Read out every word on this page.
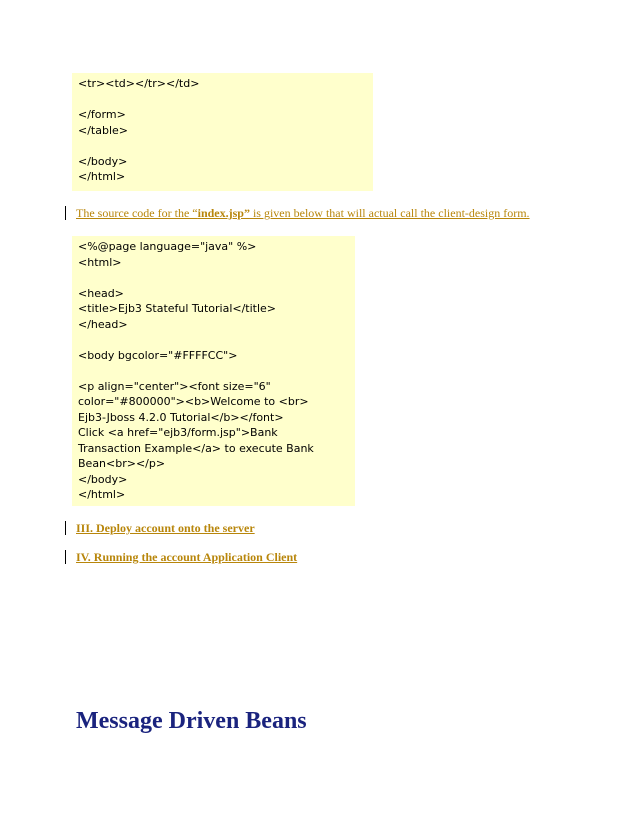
<tr><td></tr></td>
</form>
</table>
</body>
</html>
The source code for the “index.jsp” is given below that will actual call the client-design form.
<%@page language="java" %>
<html>
<head>
<title>Ejb3 Stateful Tutorial</title>
</head>
<body bgcolor="#FFFFCC">
<p align="center"><font size="6"
color="#800000"><b>Welcome to <br>
Ejb3-Jboss 4.2.0 Tutorial</b></font>
Click <a href="ejb3/form.jsp">Bank
Transaction Example</a> to execute Bank
Bean<br></p>
</body>
</html>
III. Deploy account onto the server
IV. Running the account Application Client
Message Driven Beans
